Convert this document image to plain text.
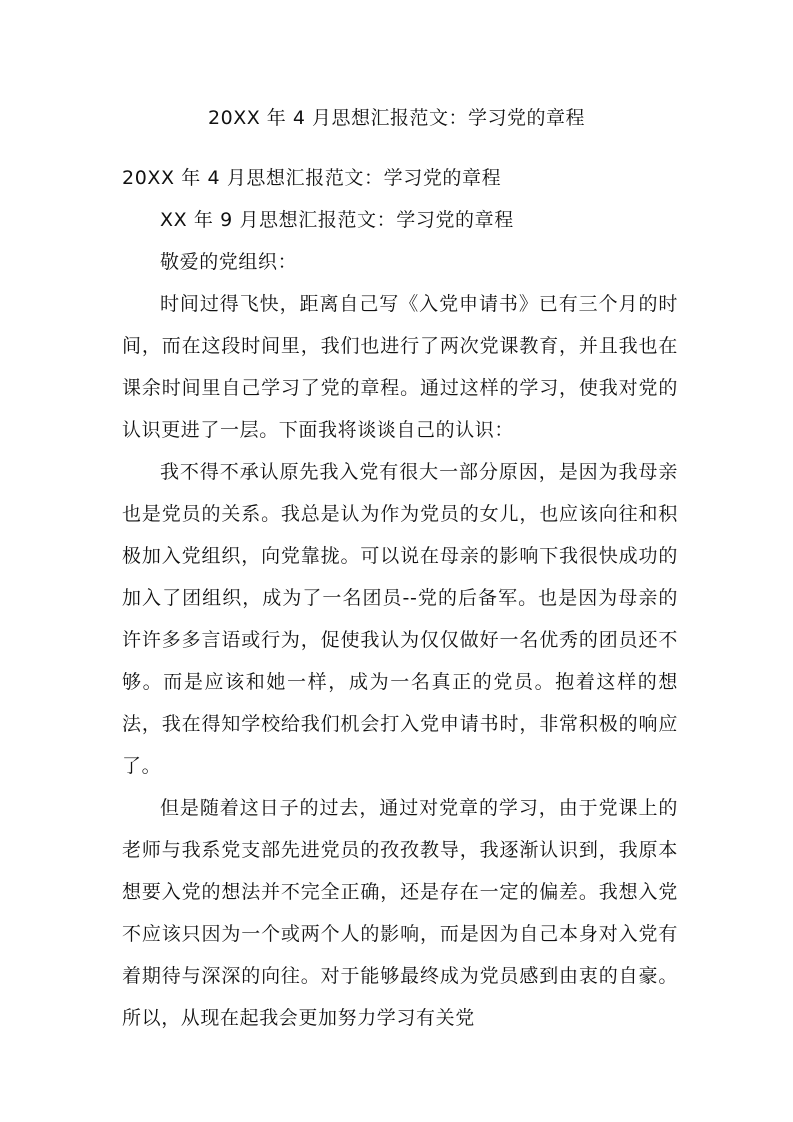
20XX 年 4 月思想汇报范文：学习党的章程

20XX 年 4 月思想汇报范文：学习党的章程

XX 年 9 月思想汇报范文：学习党的章程

敬爱的党组织：

时间过得飞快，距离自己写《入党申请书》已有三个月的时间，而在这段时间里，我们也进行了两次党课教育，并且我也在课余时间里自己学习了党的章程。通过这样的学习，使我对党的认识更进了一层。下面我将谈谈自己的认识：

我不得不承认原先我入党有很大一部分原因，是因为我母亲也是党员的关系。我总是认为作为党员的女儿，也应该向往和积极加入党组织，向党靠拢。可以说在母亲的影响下我很快成功的加入了团组织，成为了一名团员--党的后备军。也是因为母亲的许许多多言语或行为，促使我认为仅仅做好一名优秀的团员还不够。而是应该和她一样，成为一名真正的党员。抱着这样的想法，我在得知学校给我们机会打入党申请书时，非常积极的响应了。

但是随着这日子的过去，通过对党章的学习，由于党课上的老师与我系党支部先进党员的孜孜教导，我逐渐认识到，我原本想要入党的想法并不完全正确，还是存在一定的偏差。我想入党不应该只因为一个或两个人的影响，而是因为自己本身对入党有着期待与深深的向往。对于能够最终成为党员感到由衷的自豪。所以，从现在起我会更加努力学习有关党
